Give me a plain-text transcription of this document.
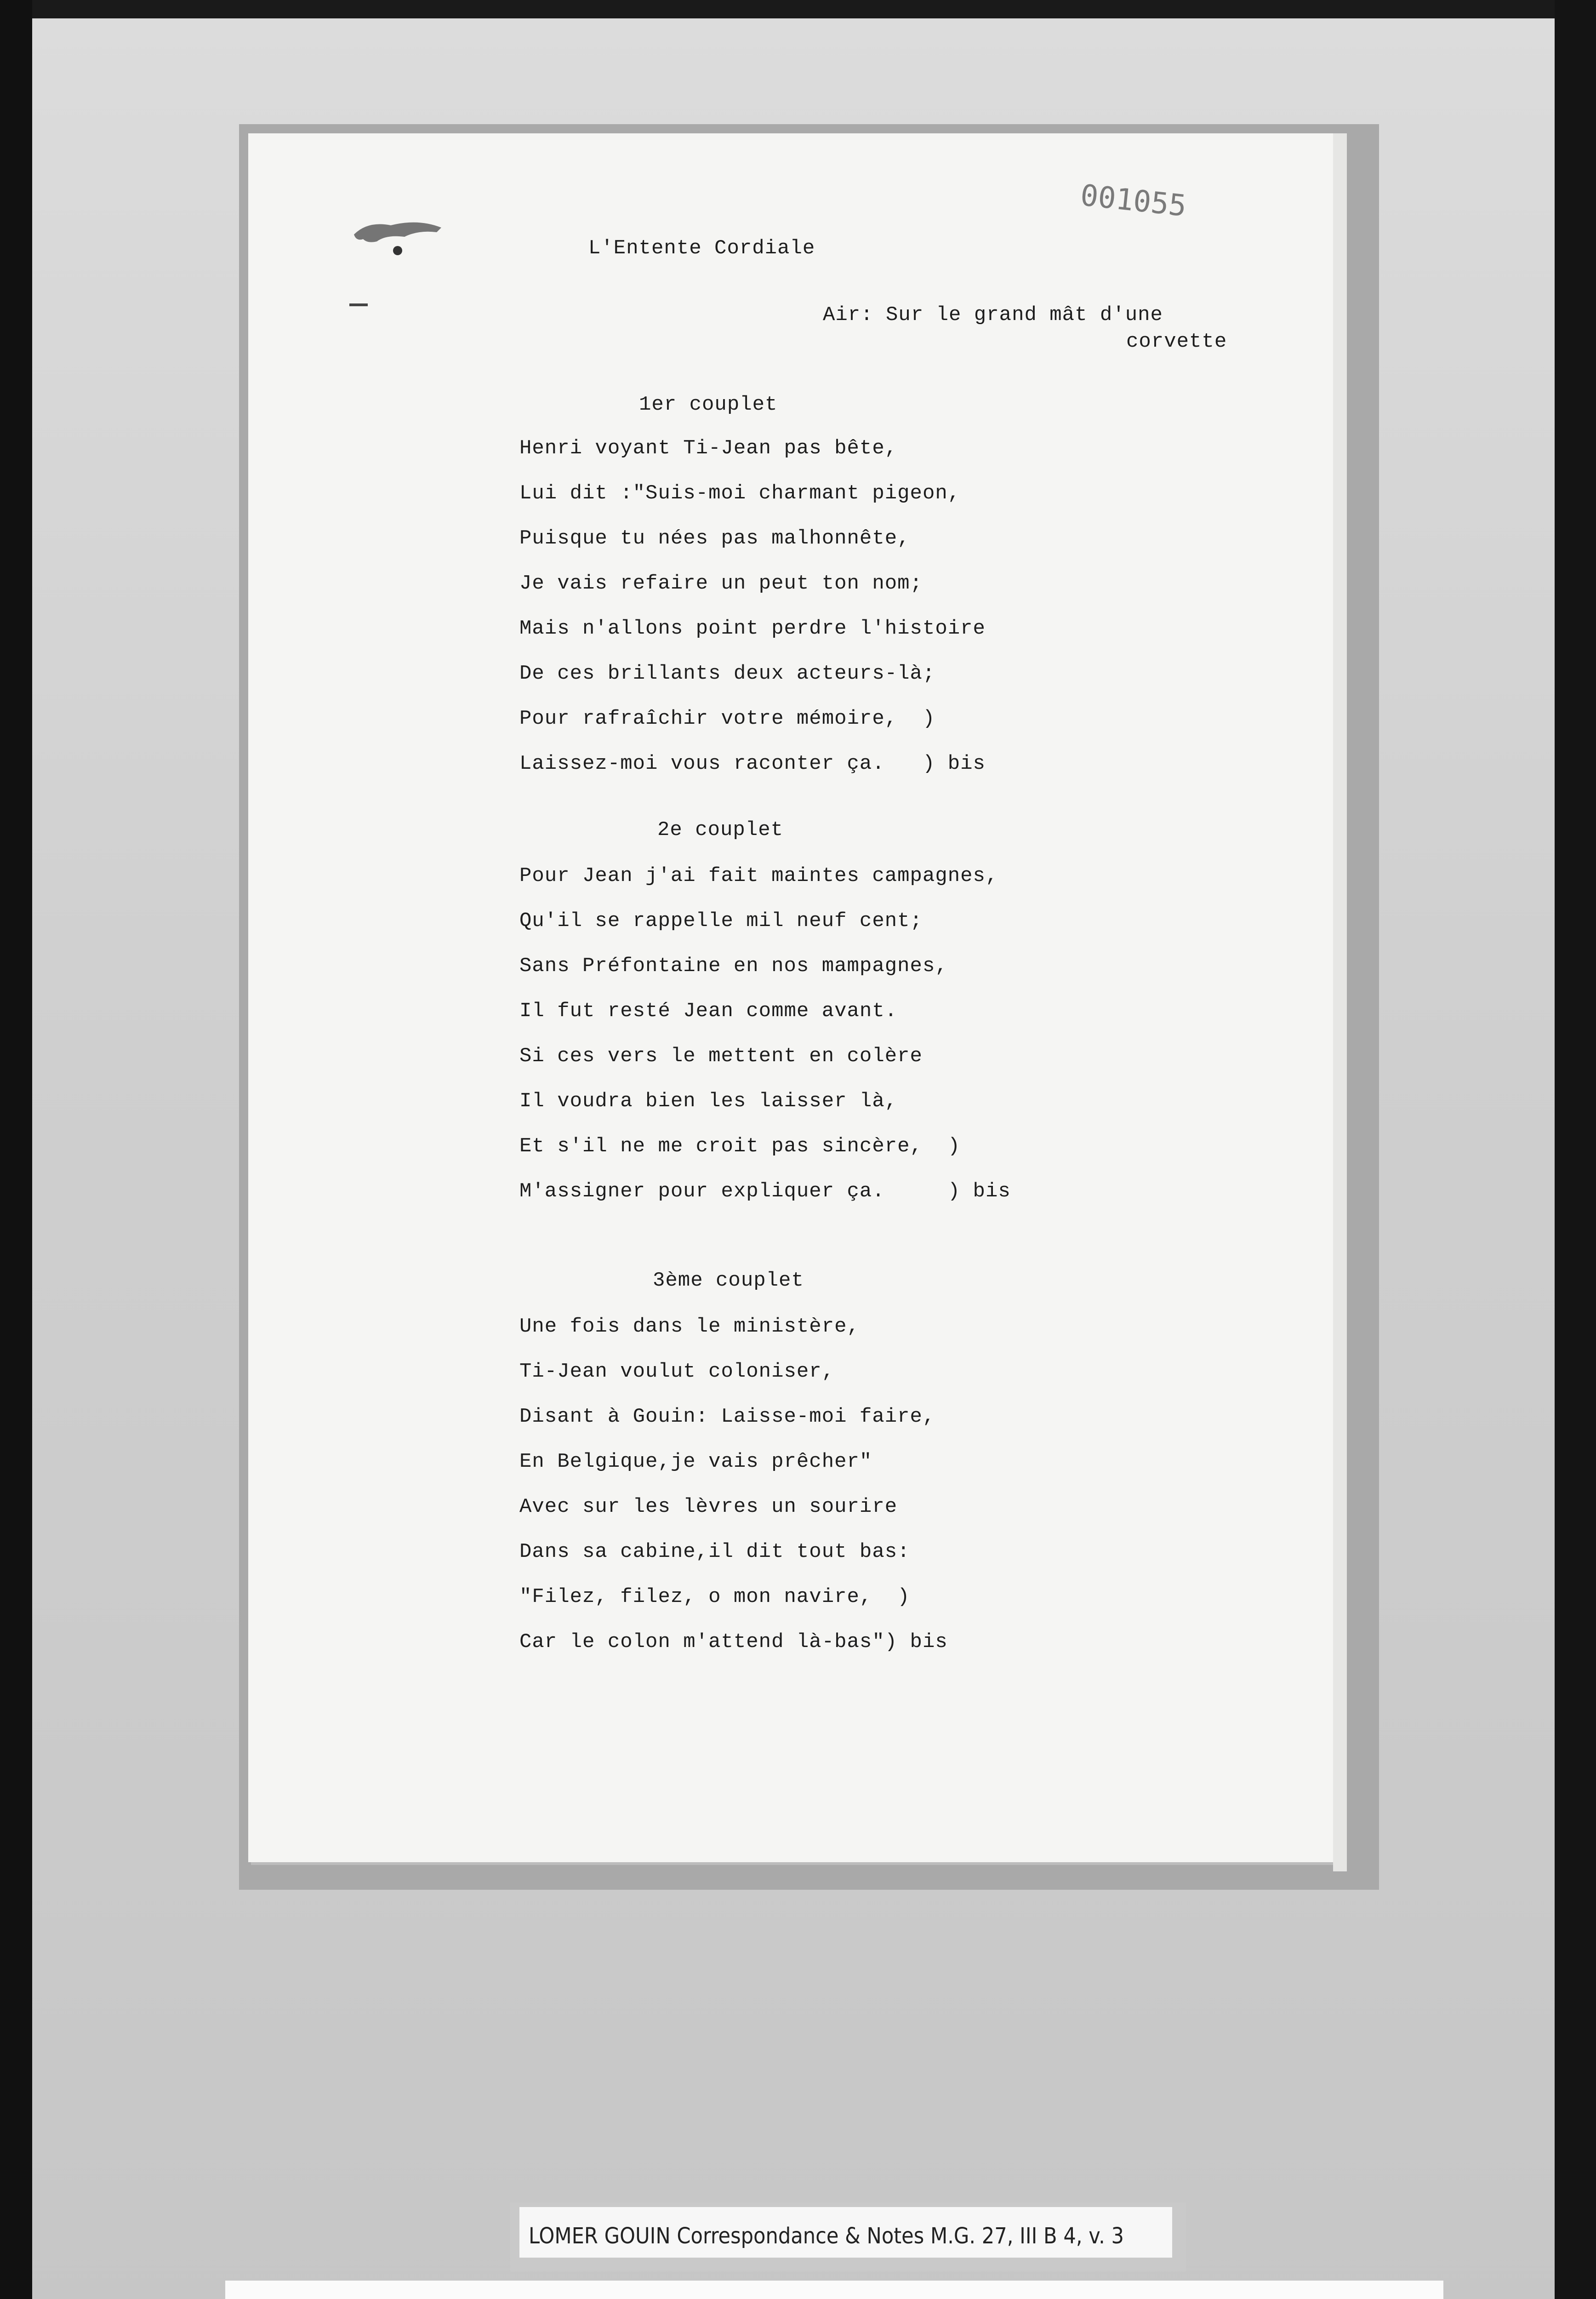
001055

L'Entente Cordiale

Air: Sur le grand mât d'une

corvette

1er couplet

Henri voyant Ti-Jean pas bête,

Lui dit :"Suis-moi charmant pigeon,

Puisque tu nées pas malhonnête,

Je vais refaire un peut ton nom;

Mais n'allons point perdre l'histoire

De ces brillants deux acteurs-là;

Pour rafraîchir votre mémoire,  )

Laissez-moi vous raconter ça.   ) bis

2e couplet

Pour Jean j'ai fait maintes campagnes,

Qu'il se rappelle mil neuf cent;

Sans Préfontaine en nos mampagnes,

Il fut resté Jean comme avant.

Si ces vers le mettent en colère

Il voudra bien les laisser là,

Et s'il ne me croit pas sincère,  )

M'assigner pour expliquer ça.     ) bis

3ème couplet

Une fois dans le ministère,

Ti-Jean voulut coloniser,

Disant à Gouin: Laisse-moi faire,

En Belgique,je vais prêcher"

Avec sur les lèvres un sourire

Dans sa cabine,il dit tout bas:

"Filez, filez, o mon navire,  )

Car le colon m'attend là-bas") bis

LOMER GOUIN Correspondance & Notes M.G. 27, III B 4, v. 3
